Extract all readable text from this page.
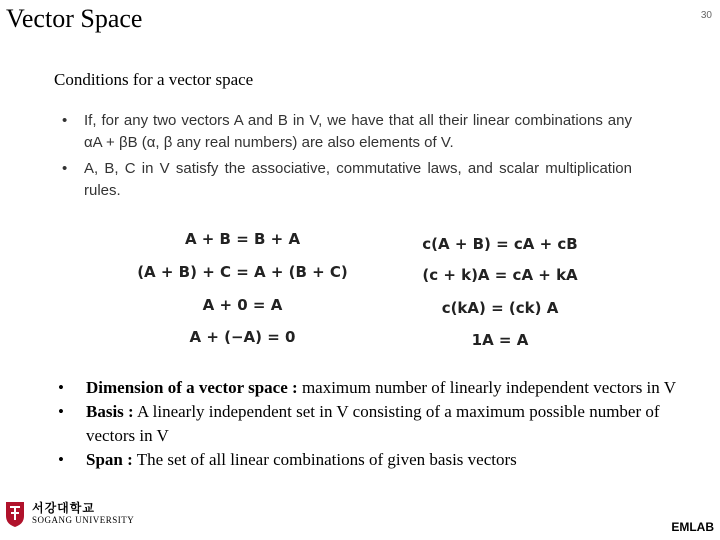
Vector Space	30
Conditions for a vector space
• If, for any two vectors A and B in V, we have that all their linear combinations any αA + βB (α, β any real numbers) are also elements of V.
• A, B, C in V satisfy the associative, commutative laws, and scalar multiplication rules.
A + B = B + A
(A + B) + C = A + (B + C)
A + 0 = A
A + (−A) = 0
c(A + B) = cA + cB
(c + k)A = cA + kA
c(kA) = (ck) A
1A = A
• Dimension of a vector space : maximum number of linearly independent vectors in V
• Basis : A linearly independent set in V consisting of a maximum possible number of vectors in V
• Span : The set of all linear combinations of given basis vectors
서강대학교
SOGANG UNIVERSITY	EMLAB
